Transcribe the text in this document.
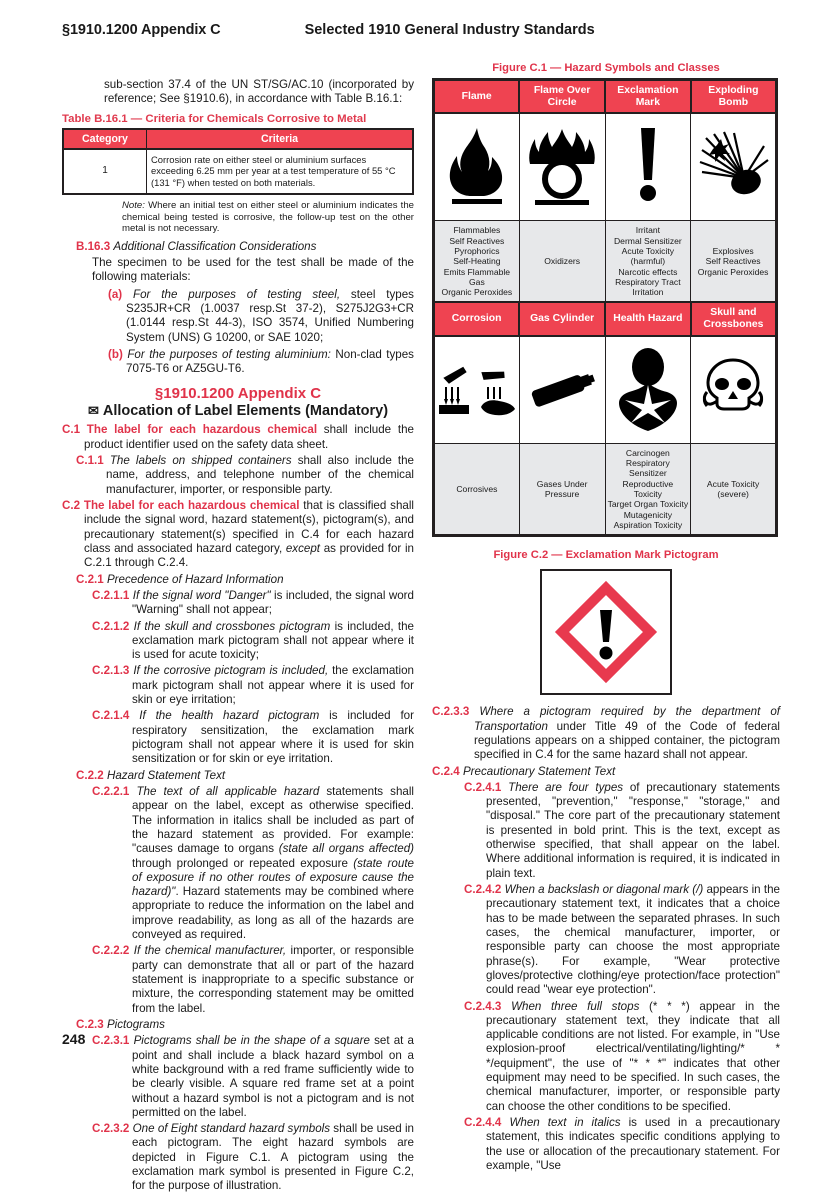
§1910.1200 Appendix C	Selected 1910 General Industry Standards

sub-section 37.4 of the UN ST/SG/AC.10 (incorporated by reference; See §1910.6), in accordance with Table B.16.1:

Table B.16.1 — Criteria for Chemicals Corrosive to Metal
Category	Criteria
1	Corrosion rate on either steel or aluminium surfaces exceeding 6.25 mm per year at a test temperature of 55 °C (131 °F) when tested on both materials.

Note: Where an initial test on either steel or aluminium indicates the chemical being tested is corrosive, the follow-up test on the other metal is not necessary.

B.16.3 Additional Classification Considerations

The specimen to be used for the test shall be made of the following materials:

(a) For the purposes of testing steel, steel types S235JR+CR (1.0037 resp.St 37-2), S275J2G3+CR (1.0144 resp.St 44-3), ISO 3574, Unified Numbering System (UNS) G 10200, or SAE 1020;

(b) For the purposes of testing aluminium: Non-clad types 7075-T6 or AZ5GU-T6.

§1910.1200 Appendix C
✉ Allocation of Label Elements (Mandatory)

C.1 The label for each hazardous chemical shall include the product identifier used on the safety data sheet.

C.1.1 The labels on shipped containers shall also include the name, address, and telephone number of the chemical manufacturer, importer, or responsible party.

C.2 The label for each hazardous chemical that is classified shall include the signal word, hazard statement(s), pictogram(s), and precautionary statement(s) specified in C.4 for each hazard class and associated hazard category, except as provided for in C.2.1 through C.2.4.

C.2.1 Precedence of Hazard Information

C.2.1.1 If the signal word "Danger" is included, the signal word "Warning" shall not appear;

C.2.1.2 If the skull and crossbones pictogram is included, the exclamation mark pictogram shall not appear where it is used for acute toxicity;

C.2.1.3 If the corrosive pictogram is included, the exclamation mark pictogram shall not appear where it is used for skin or eye irritation;

C.2.1.4 If the health hazard pictogram is included for respiratory sensitization, the exclamation mark pictogram shall not appear where it is used for skin sensitization or for skin or eye irritation.

C.2.2 Hazard Statement Text

C.2.2.1 The text of all applicable hazard statements shall appear on the label, except as otherwise specified. The information in italics shall be included as part of the hazard statement as provided. For example: "causes damage to organs (state all organs affected) through prolonged or repeated exposure (state route of exposure if no other routes of exposure cause the hazard)". Hazard statements may be combined where appropriate to reduce the information on the label and improve readability, as long as all of the hazards are conveyed as required.

C.2.2.2 If the chemical manufacturer, importer, or responsible party can demonstrate that all or part of the hazard statement is inappropriate to a specific substance or mixture, the corresponding statement may be omitted from the label.

C.2.3 Pictograms

C.2.3.1 Pictograms shall be in the shape of a square set at a point and shall include a black hazard symbol on a white background with a red frame sufficiently wide to be clearly visible. A square red frame set at a point without a hazard symbol is not a pictogram and is not permitted on the label.

C.2.3.2 One of Eight standard hazard symbols shall be used in each pictogram. The eight hazard symbols are depicted in Figure C.1. A pictogram using the exclamation mark symbol is presented in Figure C.2, for the purpose of illustration.

Figure C.1 — Hazard Symbols and Classes
Flame	Flame Over Circle	Exclamation Mark	Exploding Bomb

Flammables
Self Reactives
Pyrophorics
Self-Heating
Emits Flammable
Gas
Organic Peroxides	Oxidizers	Irritant
Dermal Sensitizer
Acute Toxicity
(harmful)
Narcotic effects
Respiratory Tract
Irritation	Explosives
Self Reactives
Organic Peroxides
Corrosion	Gas Cylinder	Health Hazard	Skull and Crossbones

Corrosives	Gases Under
Pressure	Carcinogen
Respiratory
Sensitizer
Reproductive Toxicity
Target Organ Toxicity
Mutagenicity
Aspiration Toxicity	Acute Toxicity
(severe)
Figure C.2 — Exclamation Mark Pictogram

C.2.3.3 Where a pictogram required by the department of Transportation under Title 49 of the Code of federal regulations appears on a shipped container, the pictogram specified in C.4 for the same hazard shall not appear.

C.2.4 Precautionary Statement Text

C.2.4.1 There are four types of precautionary statements presented, "prevention," "response," "storage," and "disposal." The core part of the precautionary statement is presented in bold print. This is the text, except as otherwise specified, that shall appear on the label. Where additional information is required, it is indicated in plain text.

C.2.4.2 When a backslash or diagonal mark (/) appears in the precautionary statement text, it indicates that a choice has to be made between the separated phrases. In such cases, the chemical manufacturer, importer, or responsible party can choose the most appropriate phrase(s). For example, "Wear protective gloves/protective clothing/eye protection/face protection" could read "wear eye protection".

C.2.4.3 When three full stops (* * *) appear in the precautionary statement text, they indicate that all applicable conditions are not listed. For example, in "Use explosion-proof electrical/ventilating/lighting/* * */equipment", the use of "* * *" indicates that other equipment may need to be specified. In such cases, the chemical manufacturer, importer, or responsible party can choose the other conditions to be specified.

C.2.4.4 When text in italics is used in a precautionary statement, this indicates specific conditions applying to the use or allocation of the precautionary statement. For example, "Use

248
